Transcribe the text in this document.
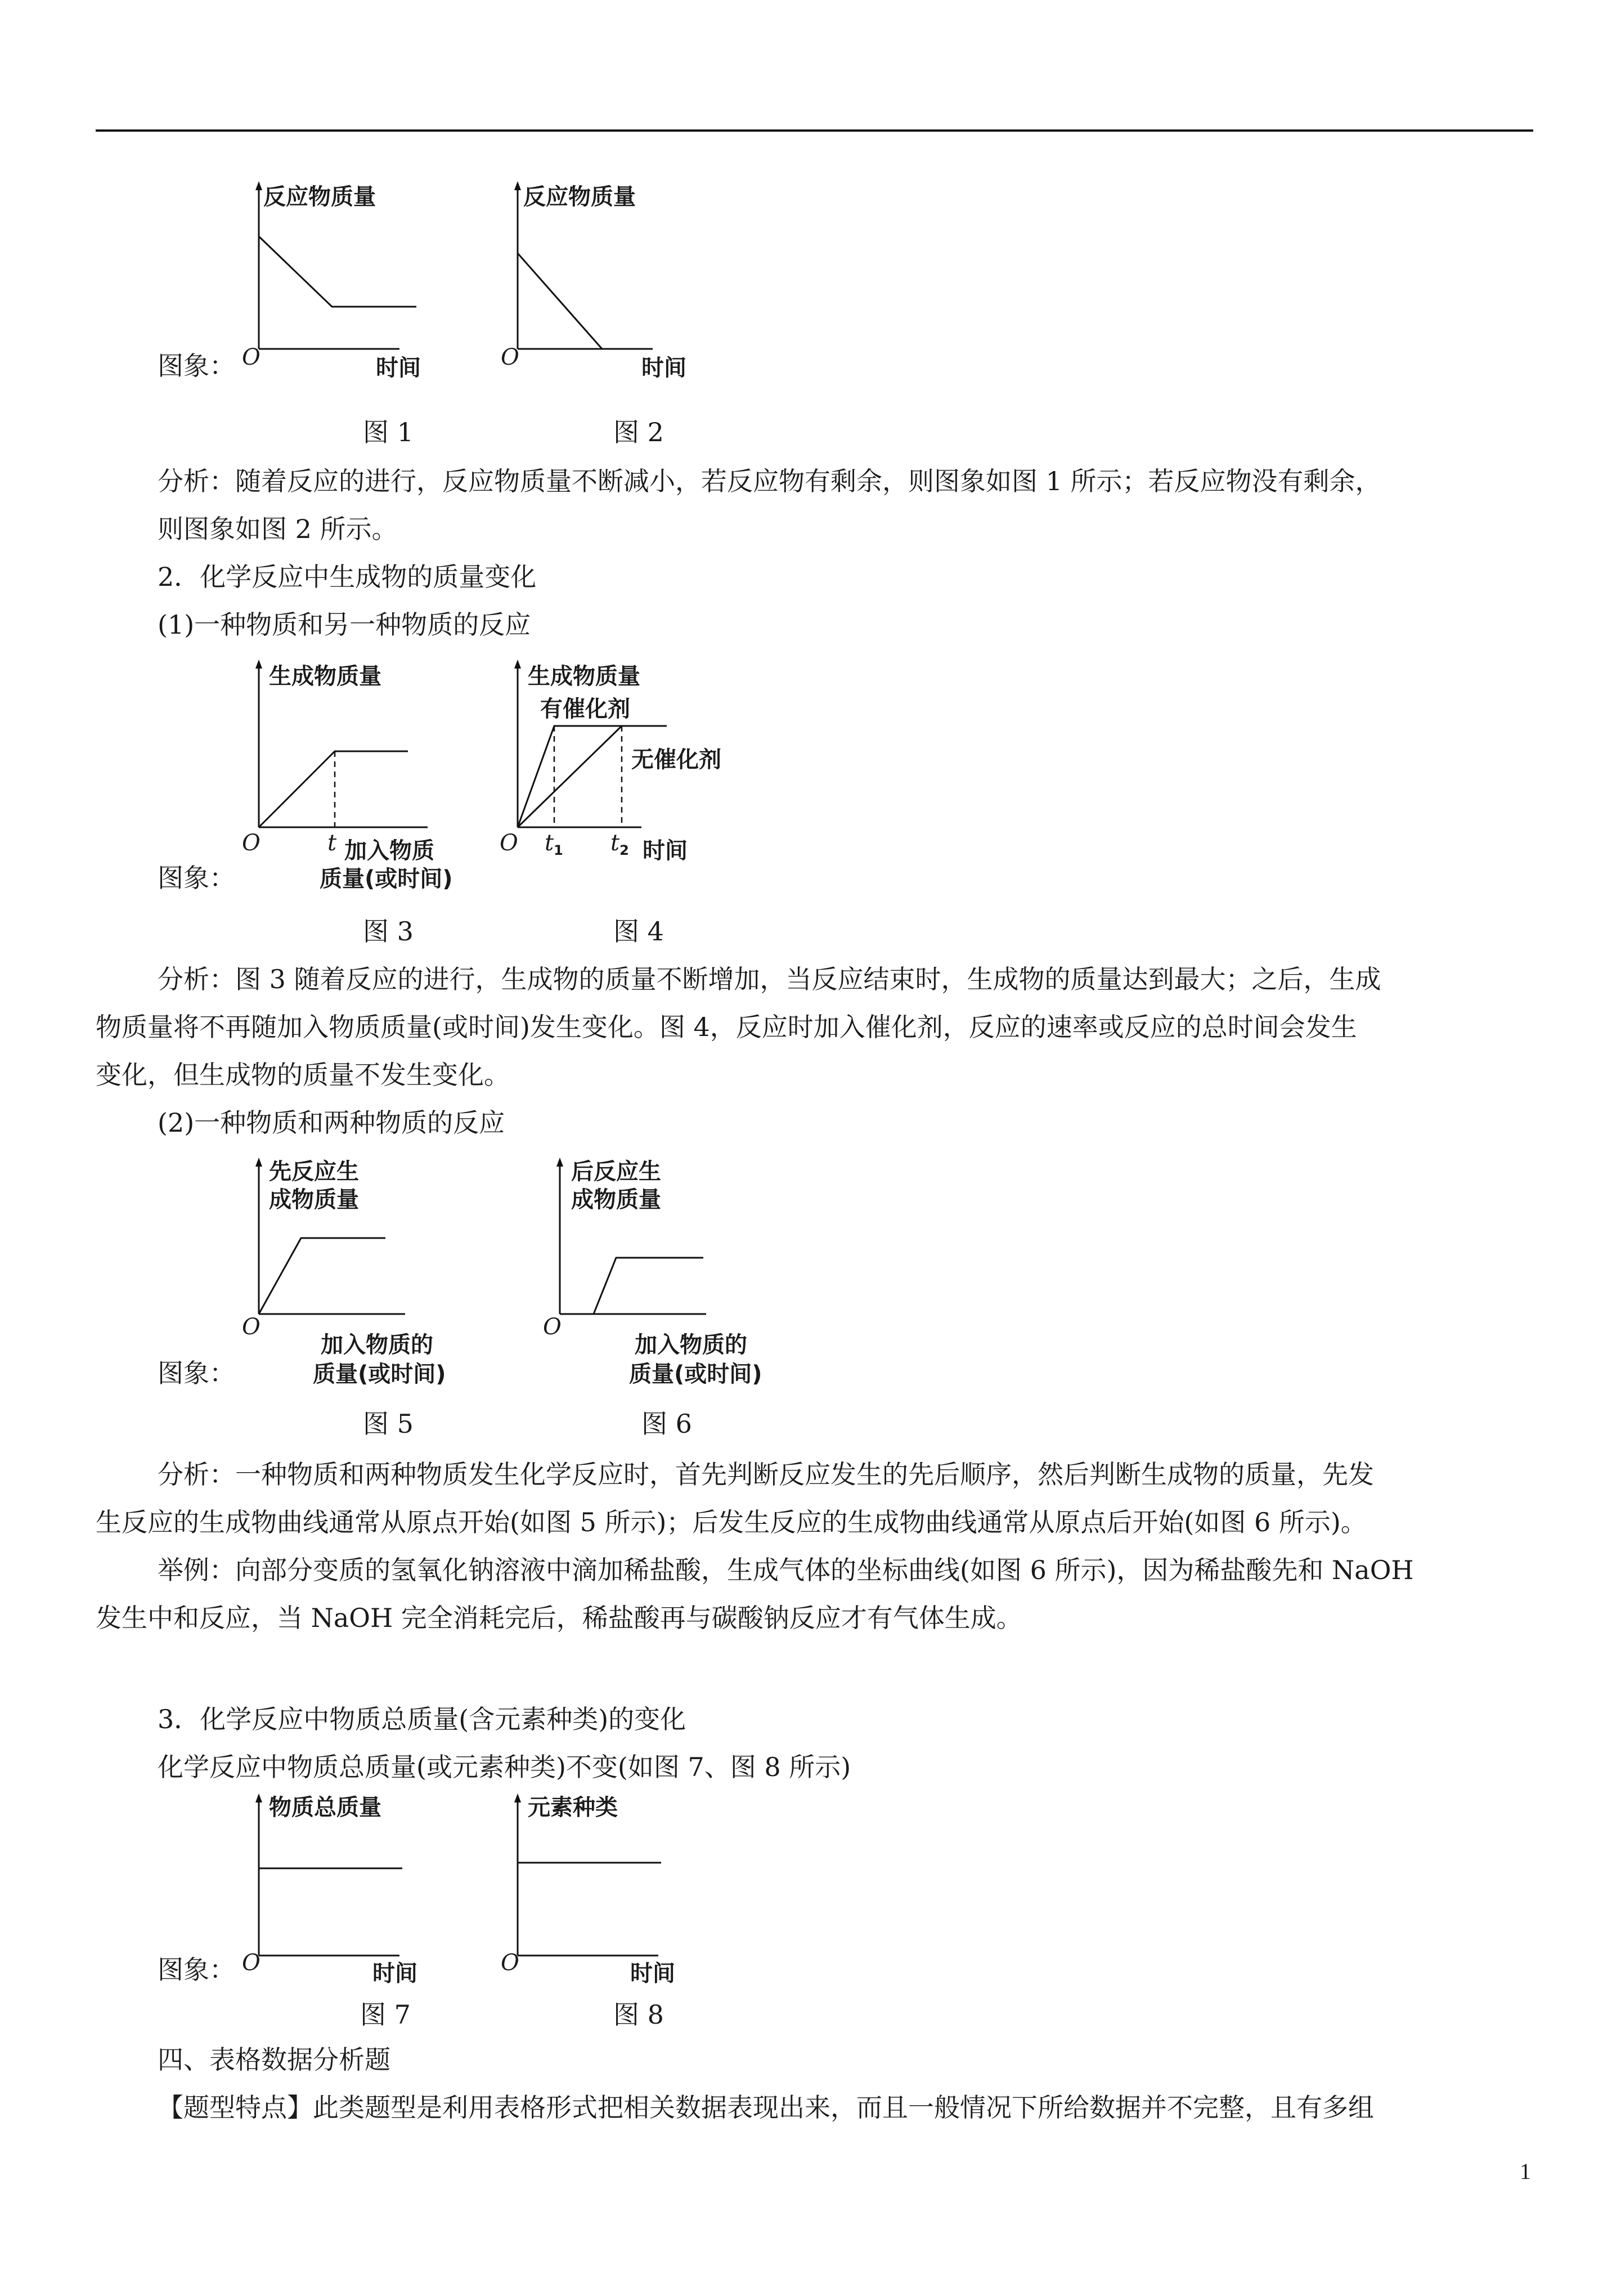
反应物质量
O	时间
图 1
反应物质量
O	时间
图 2
图象：
分析：随着反应的进行，反应物质量不断减小，若反应物有剩余，则图象如图 1 所示；若反应物没有剩余，
则图象如图 2 所示。
2．化学反应中生成物的质量变化
(1)一种物质和另一种物质的反应
生成物质量
O	t 加入物质
质量(或时间)
图 3
生成物质量
有催化剂
无催化剂
O $t_1$ $t_2$ 时间
图 4
图象：
分析：图 3 随着反应的进行，生成物的质量不断增加，当反应结束时，生成物的质量达到最大；之后，生成
物质量将不再随加入物质质量(或时间)发生变化。图 4，反应时加入催化剂，反应的速率或反应的总时间会发生
变化，但生成物的质量不发生变化。
(2)一种物质和两种物质的反应
先反应生
成物质量
O
加入物质的
质量(或时间)
图 5
后反应生
成物质量
O
加入物质的
质量(或时间)
图 6
图象：
分析：一种物质和两种物质发生化学反应时，首先判断反应发生的先后顺序，然后判断生成物的质量，先发
生反应的生成物曲线通常从原点开始(如图 5 所示)；后发生反应的生成物曲线通常从原点后开始(如图 6 所示)。
举例：向部分变质的氢氧化钠溶液中滴加稀盐酸，生成气体的坐标曲线(如图 6 所示)，因为稀盐酸先和 NaOH
发生中和反应，当 NaOH 完全消耗完后，稀盐酸再与碳酸钠反应才有气体生成。
3．化学反应中物质总质量(含元素种类)的变化
化学反应中物质总质量(或元素种类)不变(如图 7、图 8 所示)
物质总质量
O	时间
图 7
元素种类
O	时间
图 8
图象：
四、表格数据分析题
【题型特点】此类题型是利用表格形式把相关数据表现出来，而且一般情况下所给数据并不完整，且有多组
1
